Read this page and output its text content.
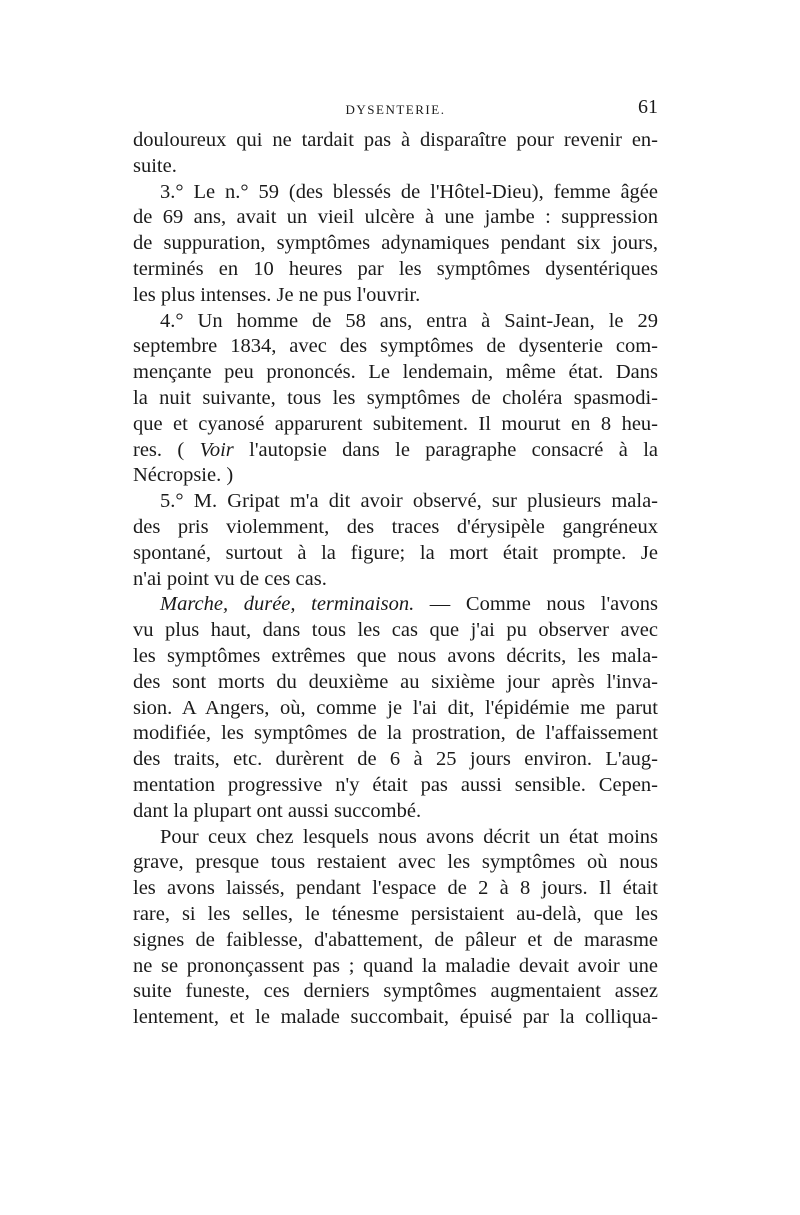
DYSENTERIE.	61
douloureux qui ne tardait pas à disparaître pour revenir en-
suite.
3.° Le n.° 59 (des blessés de l'Hôtel-Dieu), femme âgée
de 69 ans, avait un vieil ulcère à une jambe : suppression
de suppuration, symptômes adynamiques pendant six jours,
terminés en 10 heures par les symptômes dysentériques
les plus intenses. Je ne pus l'ouvrir.
4.° Un homme de 58 ans, entra à Saint-Jean, le 29
septembre 1834, avec des symptômes de dysenterie com-
mençante peu prononcés. Le lendemain, même état. Dans
la nuit suivante, tous les symptômes de choléra spasmodi-
que et cyanosé apparurent subitement. Il mourut en 8 heu-
res. ( Voir l'autopsie dans le paragraphe consacré à la
Nécropsie. )
5.° M. Gripat m'a dit avoir observé, sur plusieurs mala-
des pris violemment, des traces d'érysipèle gangréneux
spontané, surtout à la figure; la mort était prompte. Je
n'ai point vu de ces cas.
Marche, durée, terminaison. — Comme nous l'avons
vu plus haut, dans tous les cas que j'ai pu observer avec
les symptômes extrêmes que nous avons décrits, les mala-
des sont morts du deuxième au sixième jour après l'inva-
sion. A Angers, où, comme je l'ai dit, l'épidémie me parut
modifiée, les symptômes de la prostration, de l'affaissement
des traits, etc. durèrent de 6 à 25 jours environ. L'aug-
mentation progressive n'y était pas aussi sensible. Cepen-
dant la plupart ont aussi succombé.
Pour ceux chez lesquels nous avons décrit un état moins
grave, presque tous restaient avec les symptômes où nous
les avons laissés, pendant l'espace de 2 à 8 jours. Il était
rare, si les selles, le ténesme persistaient au-delà, que les
signes de faiblesse, d'abattement, de pâleur et de marasme
ne se prononçassent pas ; quand la maladie devait avoir une
suite funeste, ces derniers symptômes augmentaient assez
lentement, et le malade succombait, épuisé par la colliqua-
